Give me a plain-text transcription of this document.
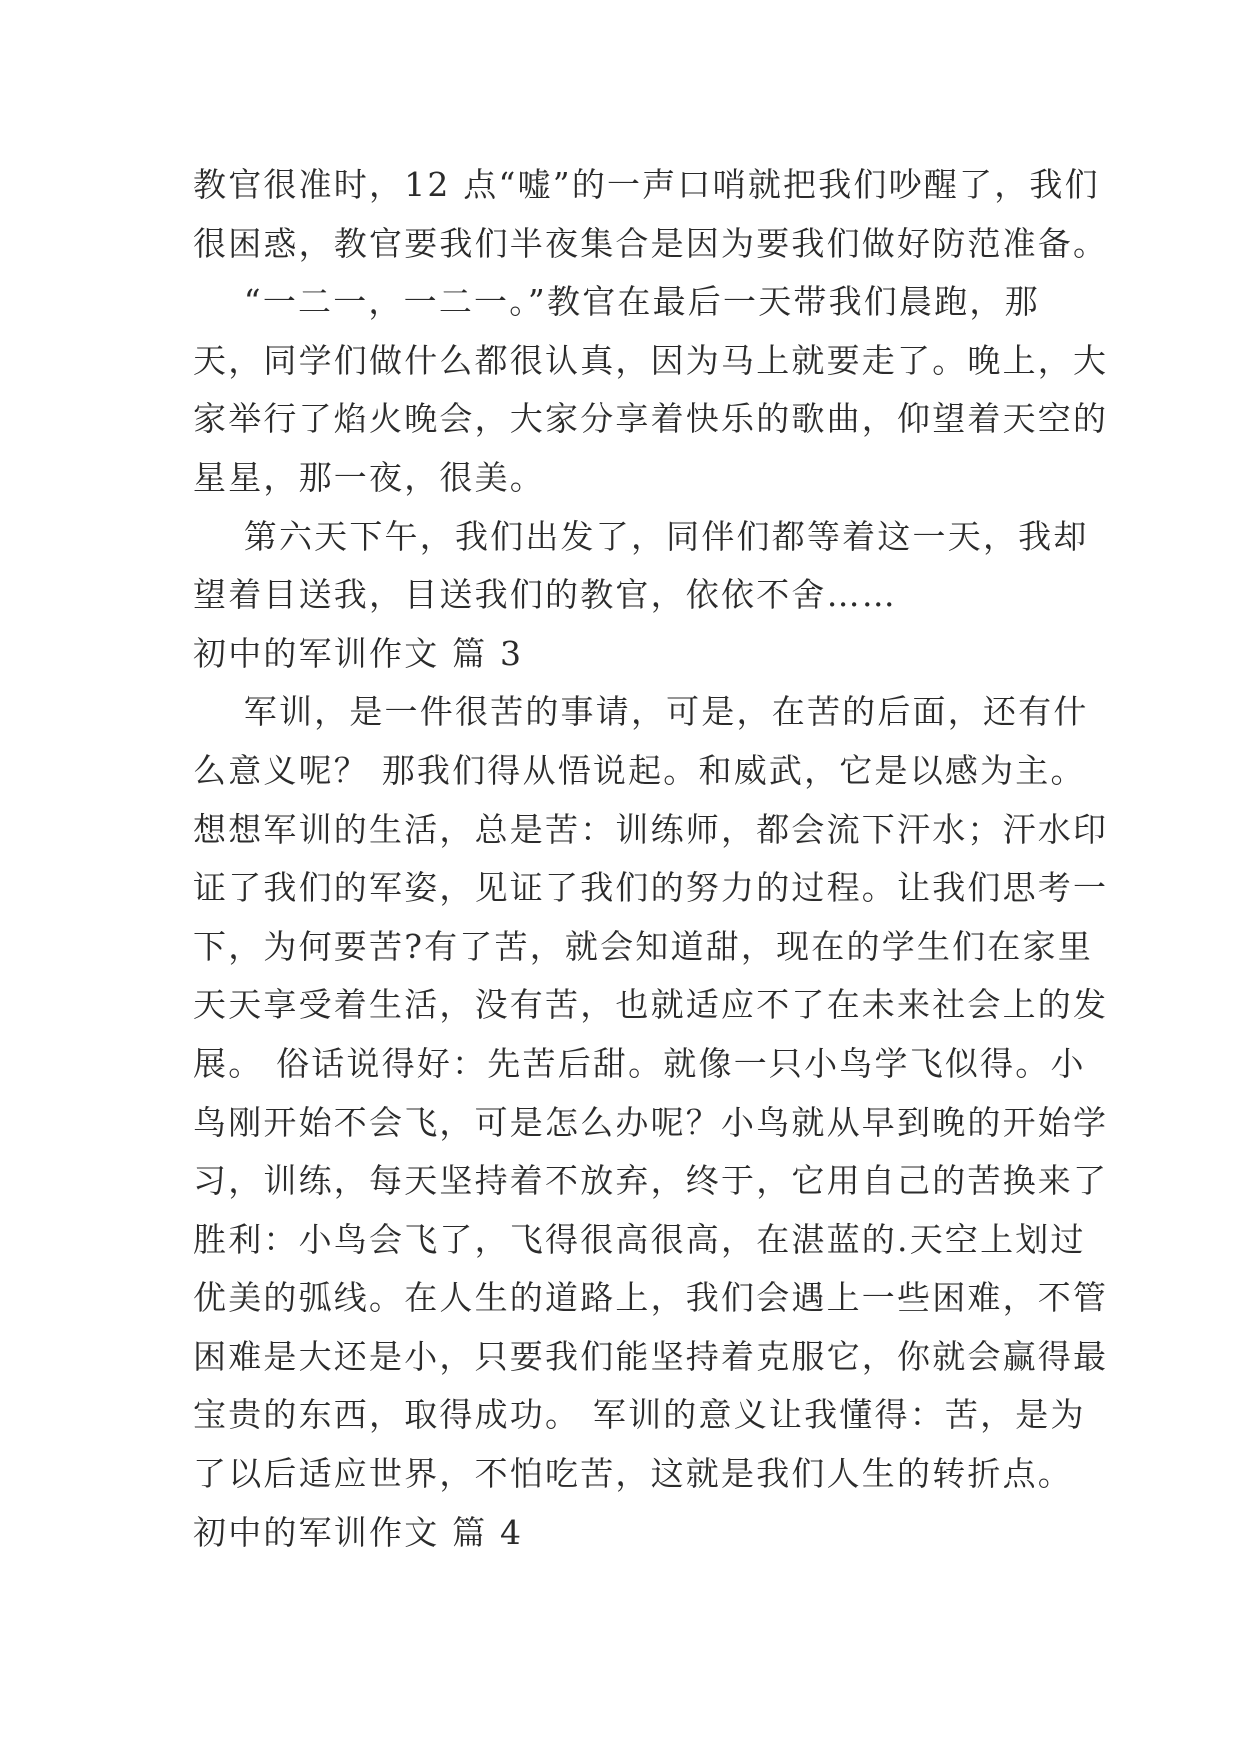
教官很准时，12 点“嘘”的一声口哨就把我们吵醒了，我们
很困惑，教官要我们半夜集合是因为要我们做好防范准备。
“一二一，一二一。”教官在最后一天带我们晨跑，那
天，同学们做什么都很认真，因为马上就要走了。晚上，大
家举行了焰火晚会，大家分享着快乐的歌曲，仰望着天空的
星星，那一夜，很美。
第六天下午，我们出发了，同伴们都等着这一天，我却
望着目送我，目送我们的教官，依依不舍……
初中的军训作文 篇 3
军训，是一件很苦的事请，可是，在苦的后面，还有什
么意义呢？ 那我们得从悟说起。和威武，它是以感为主。
想想军训的生活，总是苦：训练师，都会流下汗水；汗水印
证了我们的军姿，见证了我们的努力的过程。让我们思考一
下，为何要苦?有了苦，就会知道甜，现在的学生们在家里
天天享受着生活，没有苦，也就适应不了在未来社会上的发
展。 俗话说得好：先苦后甜。就像一只小鸟学飞似得。小
鸟刚开始不会飞，可是怎么办呢？小鸟就从早到晚的开始学
习，训练，每天坚持着不放弃，终于，它用自己的苦换来了
胜利：小鸟会飞了，飞得很高很高，在湛蓝的.天空上划过
优美的弧线。在人生的道路上，我们会遇上一些困难，不管
困难是大还是小，只要我们能坚持着克服它，你就会赢得最
宝贵的东西，取得成功。 军训的意义让我懂得：苦，是为
了以后适应世界，不怕吃苦，这就是我们人生的转折点。
初中的军训作文 篇 4
